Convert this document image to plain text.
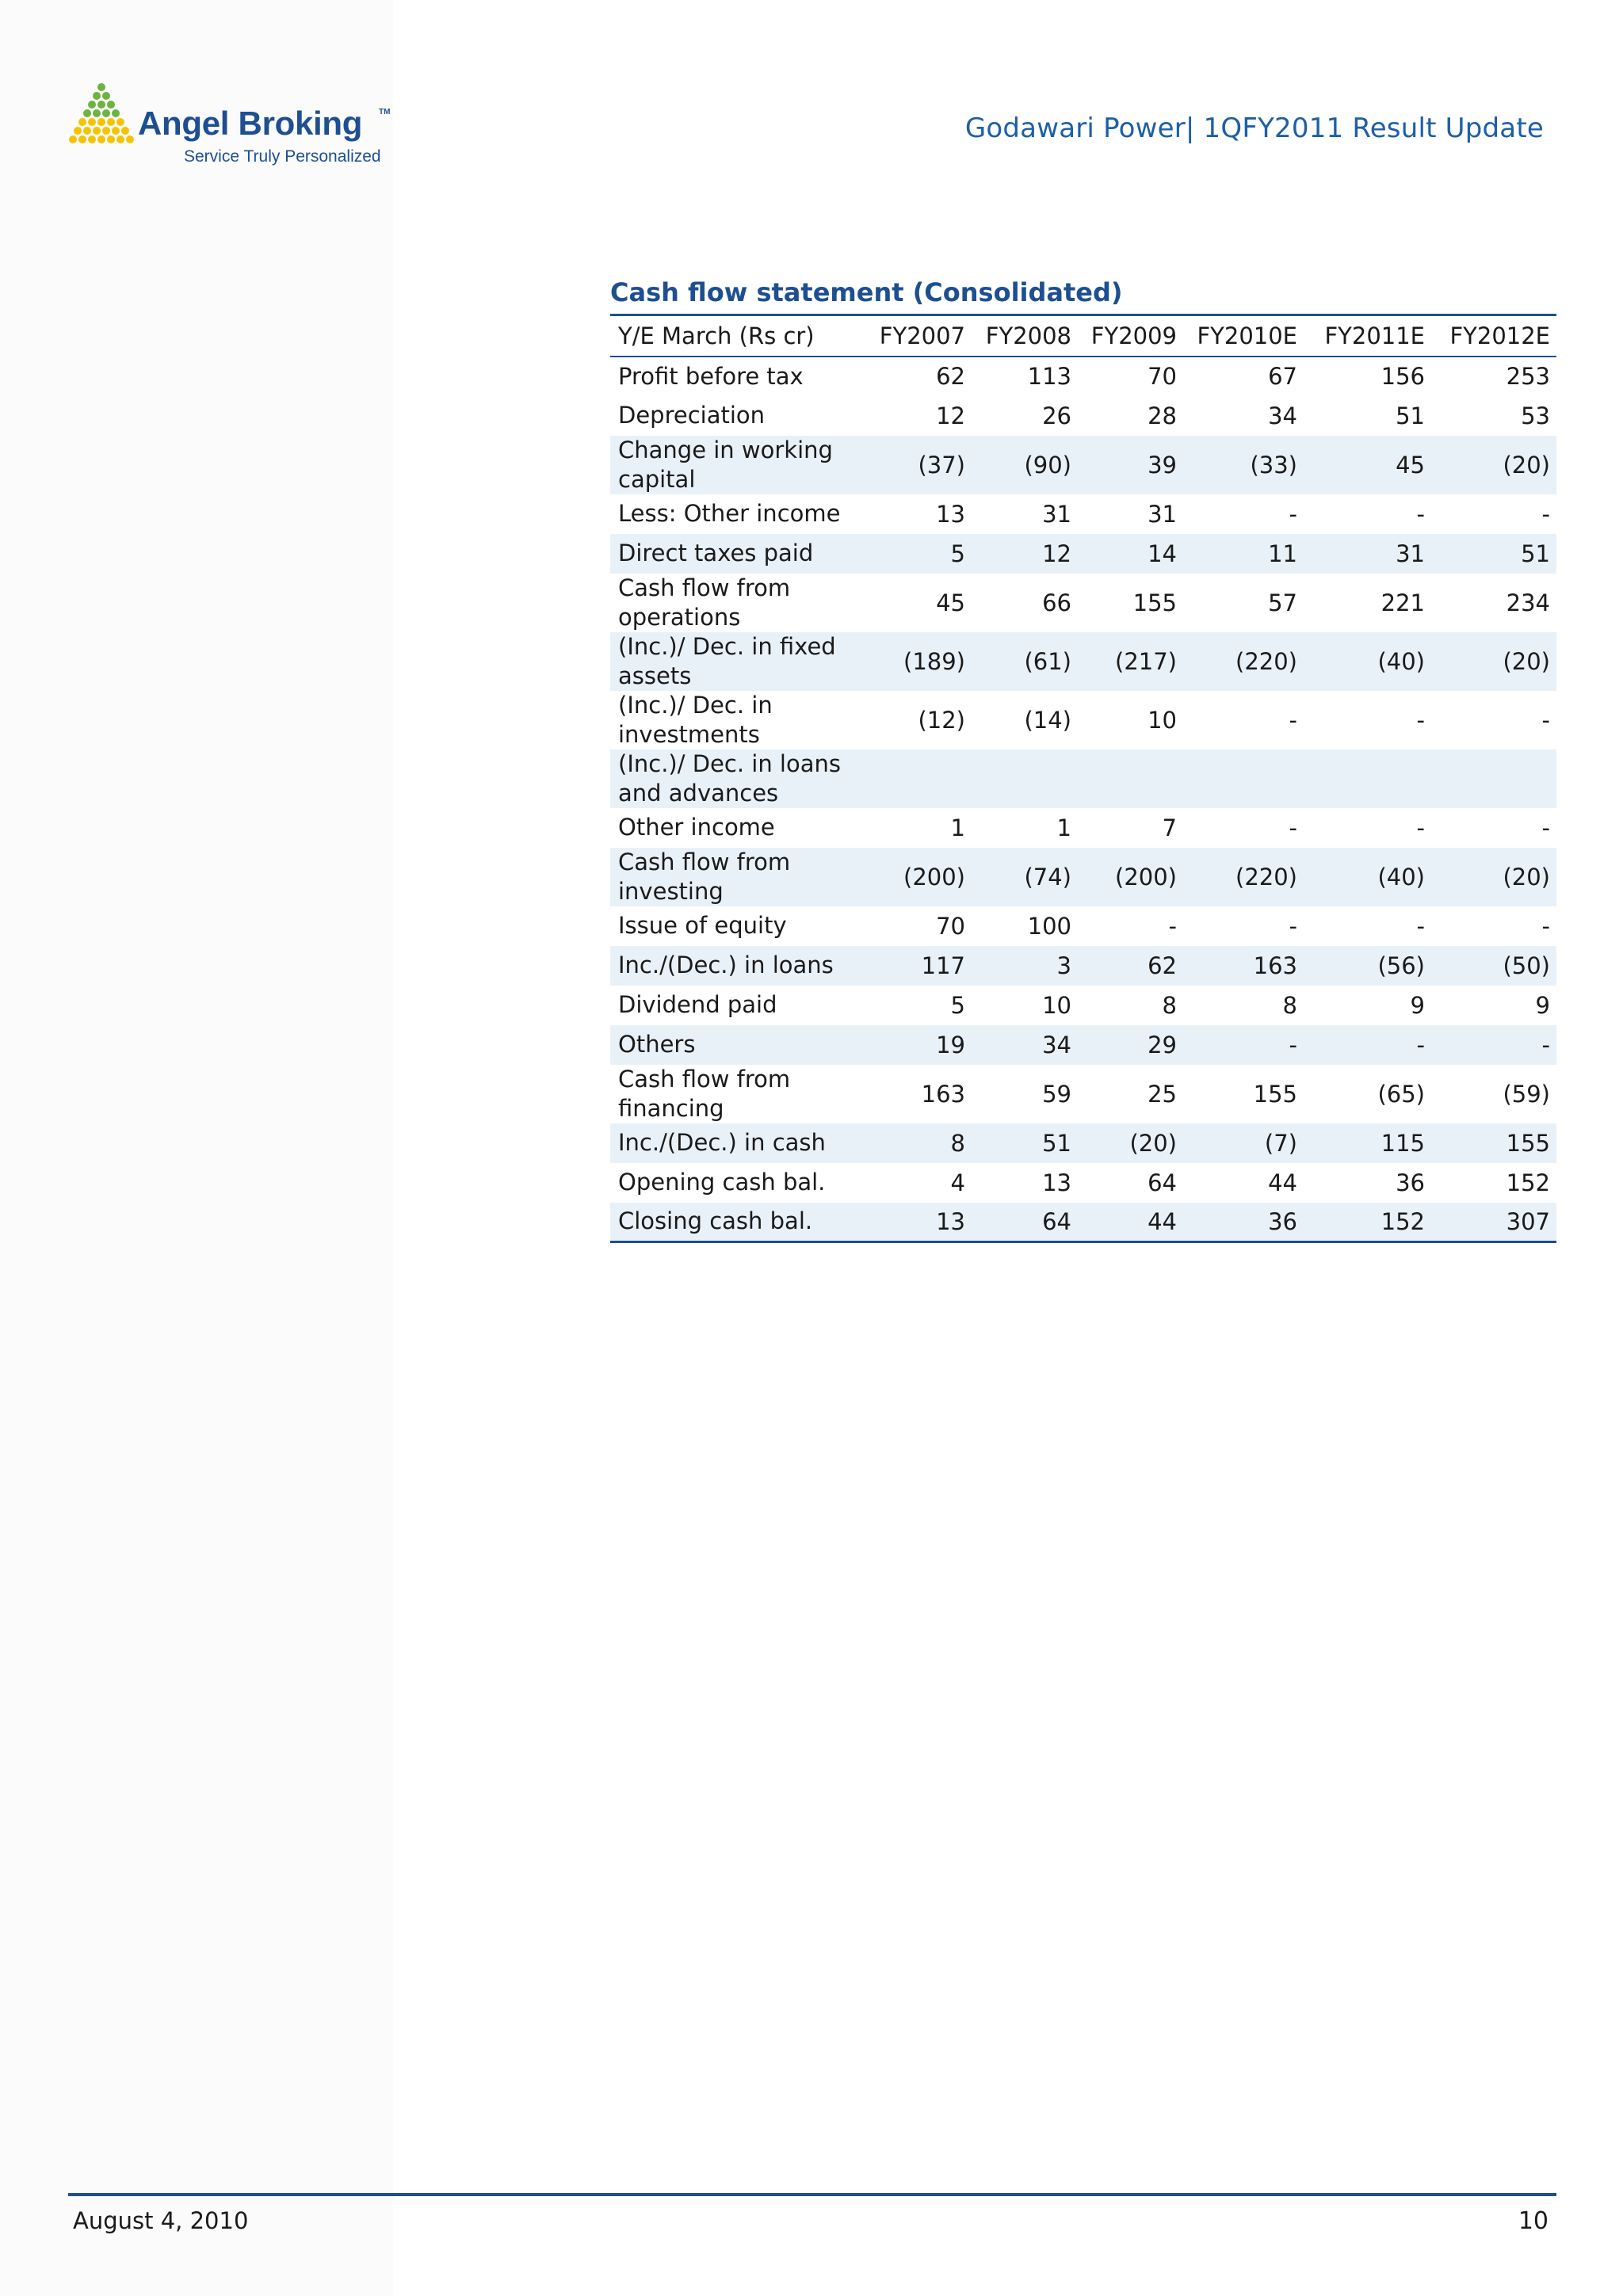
Angel Broking TM
Service Truly Personalized
Godawari Power| 1QFY2011 Result Update
Cash flow statement (Consolidated)
Y/E March (Rs cr)	FY2007	FY2008	FY2009	FY2010E	FY2011E	FY2012E
Profit before tax	62	113	70	67	156	253
Depreciation	12	26	28	34	51	53
Change in working capital	(37)	(90)	39	(33)	45	(20)
Less: Other income	13	31	31	-	-	-
Direct taxes paid	5	12	14	11	31	51
Cash flow from operations	45	66	155	57	221	234
(Inc.)/ Dec. in fixed assets	(189)	(61)	(217)	(220)	(40)	(20)
(Inc.)/ Dec. in investments	(12)	(14)	10	-	-	-
(Inc.)/ Dec. in loans and advances						
Other income	1	1	7	-	-	-
Cash flow from investing	(200)	(74)	(200)	(220)	(40)	(20)
Issue of equity	70	100	-	-	-	-
Inc./(Dec.) in loans	117	3	62	163	(56)	(50)
Dividend paid	5	10	8	8	9	9
Others	19	34	29	-	-	-
Cash flow from financing	163	59	25	155	(65)	(59)
Inc./(Dec.) in cash	8	51	(20)	(7)	115	155
Opening cash bal.	4	13	64	44	36	152
Closing cash bal.	13	64	44	36	152	307
August 4, 2010	10
